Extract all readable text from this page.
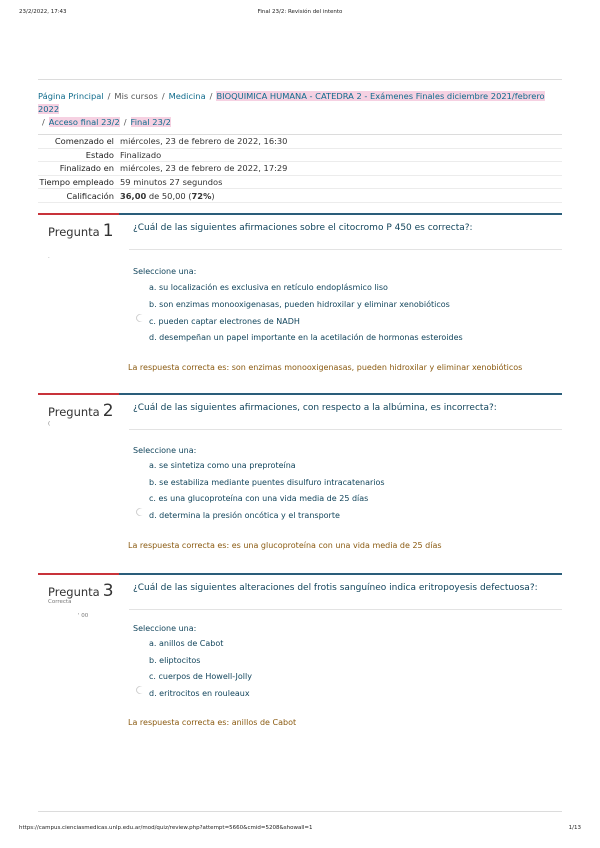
23/2/2022, 17:43	Final 23/2: Revisión del intento
Página Principal / Mis cursos / Medicina / BIOQUIMICA HUMANA - CATEDRA 2 - Exámenes Finales diciembre 2021/febrero 2022
/ Acceso final 23/2 / Final 23/2
Comenzado el miércoles, 23 de febrero de 2022, 16:30
Estado Finalizado
Finalizado en miércoles, 23 de febrero de 2022, 17:29
Tiempo empleado 59 minutos 27 segundos
Calificación 36,00 de 50,00 (72%)
Pregunta 1
·
¿Cuál de las siguientes afirmaciones sobre el citocromo P 450 es correcta?:
Seleccione una:
a. su localización es exclusiva en retículo endoplásmico liso
b. son enzimas monooxigenasas, pueden hidroxilar y eliminar xenobióticos
c. pueden captar electrones de NADH
d. desempeñan un papel importante en la acetilación de hormonas esteroides
La respuesta correcta es: son enzimas monooxigenasas, pueden hidroxilar y eliminar xenobióticos
Pregunta 2
(
¿Cuál de las siguientes afirmaciones, con respecto a la albúmina, es incorrecta?:
Seleccione una:
a. se sintetiza como una preproteína
b. se estabiliza mediante puentes disulfuro intracatenarios
c. es una glucoproteína con una vida media de 25 días
d. determina la presión oncótica y el transporte
La respuesta correcta es: es una glucoproteína con una vida media de 25 días
Pregunta 3
Correcta
' 00
¿Cuál de las siguientes alteraciones del frotis sanguíneo indica eritropoyesis defectuosa?:
Seleccione una:
a. anillos de Cabot
b. eliptocitos
c. cuerpos de Howell-Jolly
d. eritrocitos en rouleaux
La respuesta correcta es: anillos de Cabot
https://campus.cienciasmedicas.unlp.edu.ar/mod/quiz/review.php?attempt=5660&cmid=5208&showall=1	1/13
